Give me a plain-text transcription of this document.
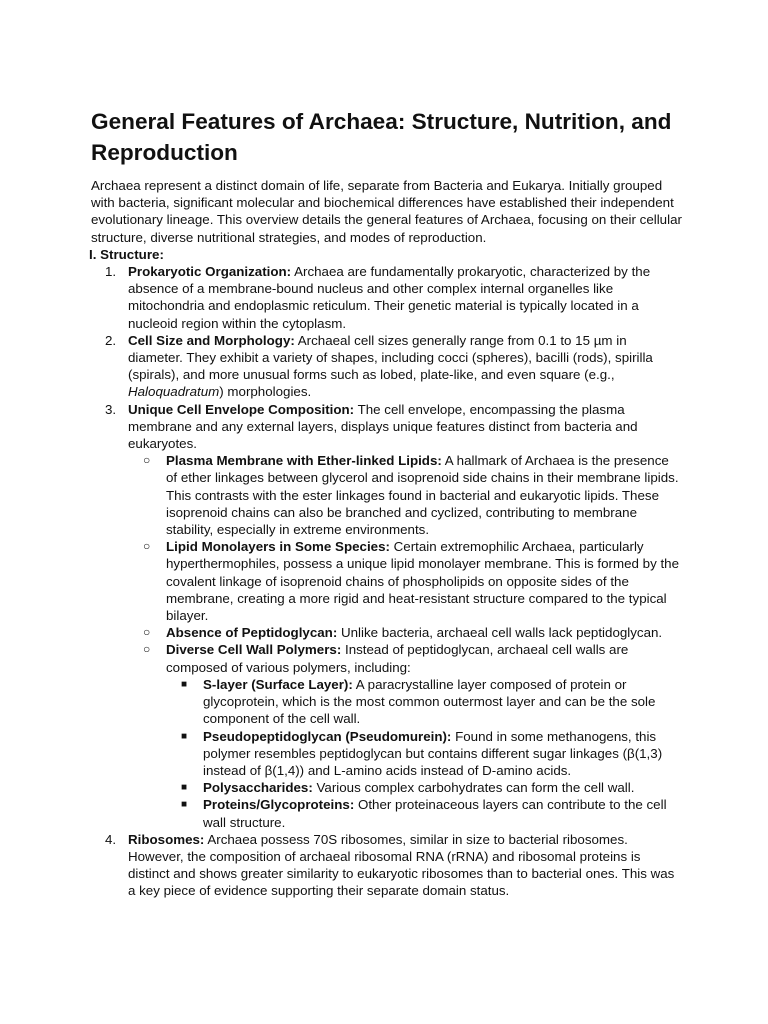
General Features of Archaea: Structure, Nutrition, and Reproduction

Archaea represent a distinct domain of life, separate from Bacteria and Eukarya. Initially grouped with bacteria, significant molecular and biochemical differences have established their independent evolutionary lineage. This overview details the general features of Archaea, focusing on their cellular structure, diverse nutritional strategies, and modes of reproduction.

I. Structure:

1. Prokaryotic Organization: Archaea are fundamentally prokaryotic, characterized by the absence of a membrane-bound nucleus and other complex internal organelles like mitochondria and endoplasmic reticulum. Their genetic material is typically located in a nucleoid region within the cytoplasm.
2. Cell Size and Morphology: Archaeal cell sizes generally range from 0.1 to 15 µm in diameter. They exhibit a variety of shapes, including cocci (spheres), bacilli (rods), spirilla (spirals), and more unusual forms such as lobed, plate-like, and even square (e.g., Haloquadratum) morphologies.
3. Unique Cell Envelope Composition: The cell envelope, encompassing the plasma membrane and any external layers, displays unique features distinct from bacteria and eukaryotes.
○ Plasma Membrane with Ether-linked Lipids: A hallmark of Archaea is the presence of ether linkages between glycerol and isoprenoid side chains in their membrane lipids. This contrasts with the ester linkages found in bacterial and eukaryotic lipids. These isoprenoid chains can also be branched and cyclized, contributing to membrane stability, especially in extreme environments.
○ Lipid Monolayers in Some Species: Certain extremophilic Archaea, particularly hyperthermophiles, possess a unique lipid monolayer membrane. This is formed by the covalent linkage of isoprenoid chains of phospholipids on opposite sides of the membrane, creating a more rigid and heat-resistant structure compared to the typical bilayer.
○ Absence of Peptidoglycan: Unlike bacteria, archaeal cell walls lack peptidoglycan.
○ Diverse Cell Wall Polymers: Instead of peptidoglycan, archaeal cell walls are composed of various polymers, including:
■ S-layer (Surface Layer): A paracrystalline layer composed of protein or glycoprotein, which is the most common outermost layer and can be the sole component of the cell wall.
■ Pseudopeptidoglycan (Pseudomurein): Found in some methanogens, this polymer resembles peptidoglycan but contains different sugar linkages (β(1,3) instead of β(1,4)) and L-amino acids instead of D-amino acids.
■ Polysaccharides: Various complex carbohydrates can form the cell wall.
■ Proteins/Glycoproteins: Other proteinaceous layers can contribute to the cell wall structure.
4. Ribosomes: Archaea possess 70S ribosomes, similar in size to bacterial ribosomes. However, the composition of archaeal ribosomal RNA (rRNA) and ribosomal proteins is distinct and shows greater similarity to eukaryotic ribosomes than to bacterial ones. This was a key piece of evidence supporting their separate domain status.
